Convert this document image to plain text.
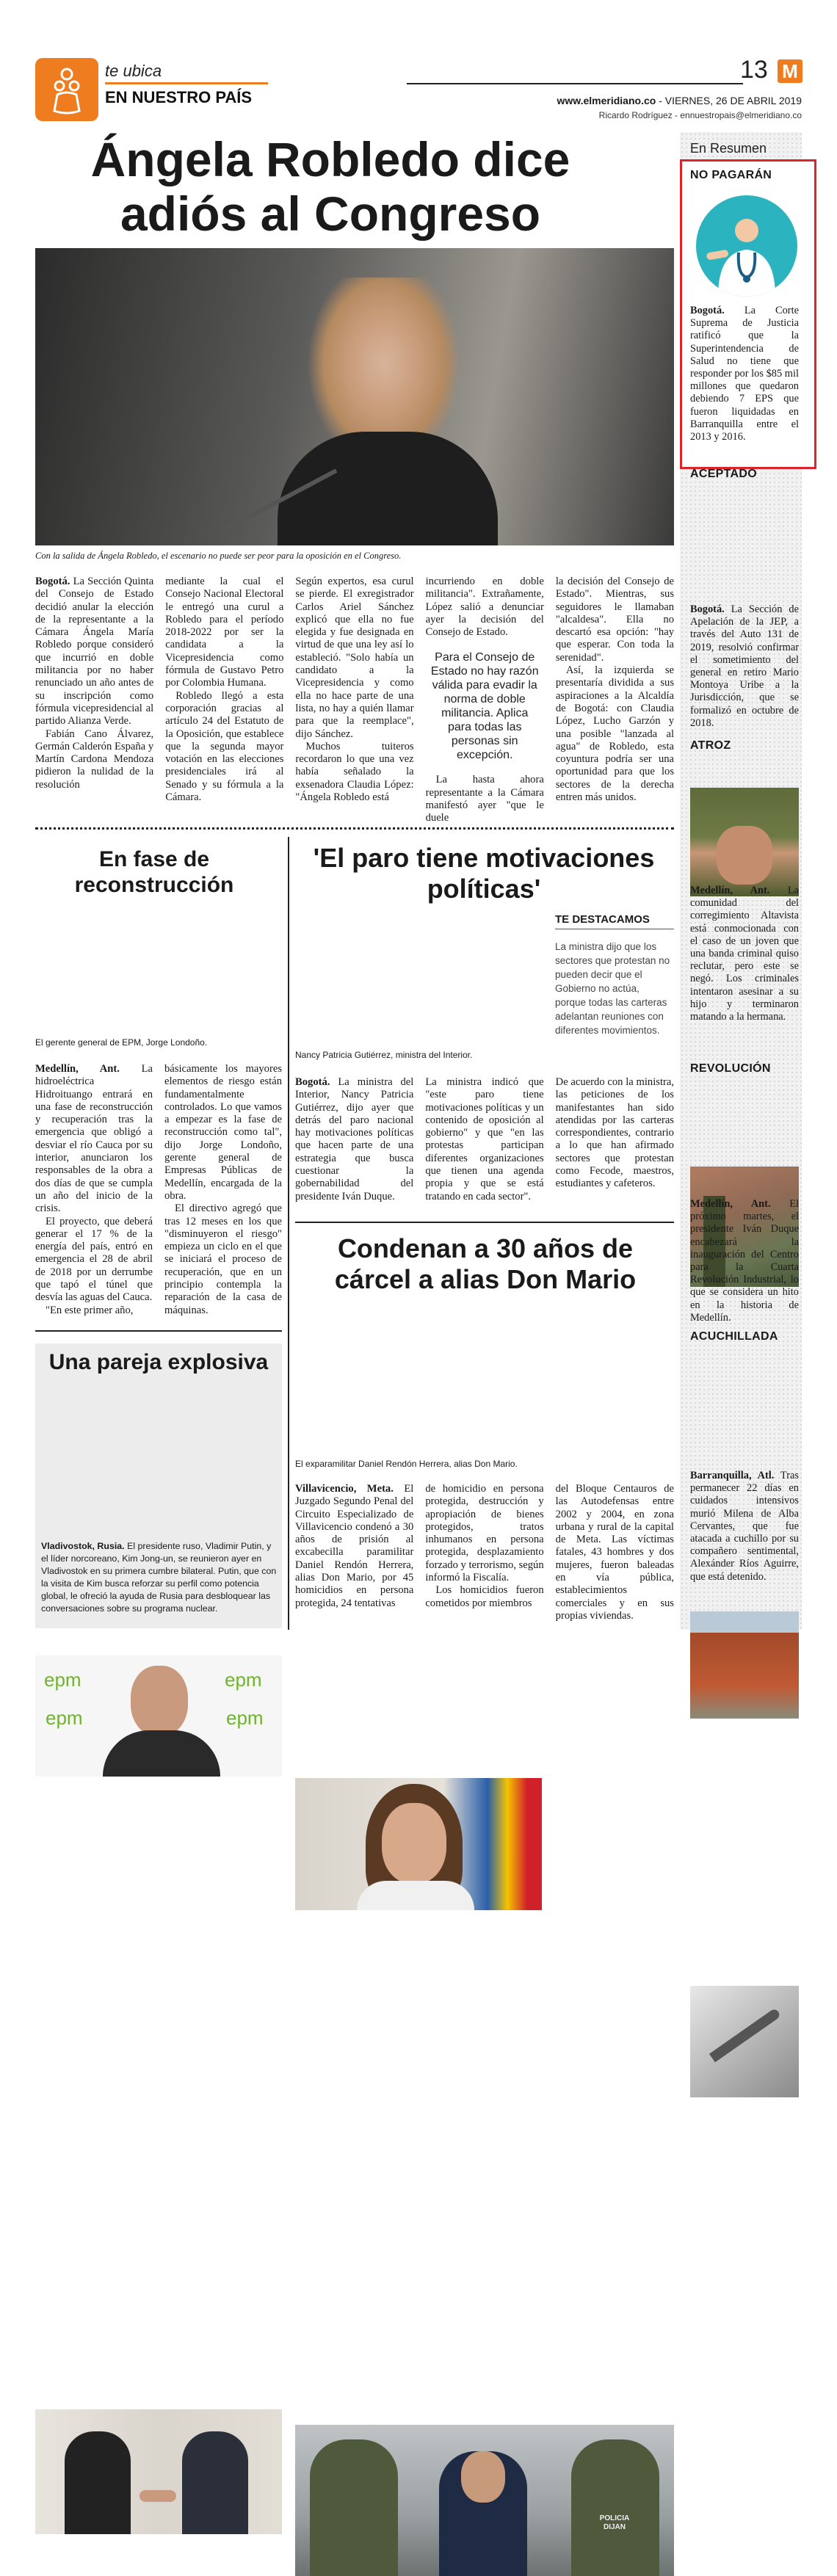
te ubica
EN NUESTRO PAÍS
13 M
www.elmeridiano.co - VIERNES, 26 DE ABRIL 2019
Ricardo Rodríguez - ennuestropais@elmeridiano.co
Ángela Robledo dice adiós al Congreso
Con la salida de Ángela Robledo, el escenario no puede ser peor para la oposición en el Congreso.

Bogotá. La Sección Quinta del Consejo de Estado decidió anular la elección de la representante a la Cámara Ángela María Robledo porque consideró que incurrió en doble militancia por no haber renunciado un año antes de su inscripción como fórmula vicepresidencial al partido Alianza Verde.

Fabián Cano Álvarez, Germán Calderón España y Martín Cardona Mendoza pidieron la nulidad de la resolución

mediante la cual el Consejo Nacional Electoral le entregó una curul a Robledo para el período 2018-2022 por ser la candidata a la Vicepresidencia como fórmula de Gustavo Petro por Colombia Humana.

Robledo llegó a esta corporación gracias al artículo 24 del Estatuto de la Oposición, que establece que la segunda mayor votación en las elecciones presidenciales irá al Senado y su fórmula a la Cámara.

Según expertos, esa curul se pierde. El exregistrador Carlos Ariel Sánchez explicó que ella no fue elegida y fue designada en virtud de que una ley así lo estableció. "Solo había un candidato a la Vicepresidencia y como ella no hace parte de una lista, no hay a quién llamar para que la reemplace", dijo Sánchez.

Muchos tuiteros recordaron lo que una vez había señalado la exsenadora Claudia López: "Ángela Robledo está

incurriendo en doble militancia". Extrañamente, López salió a denunciar ayer la decisión del Consejo de Estado.

Para el Consejo de Estado no hay razón válida para evadir la norma de doble militancia. Aplica para todas las personas sin excepción.

La hasta ahora representante a la Cámara manifestó ayer "que le duele

la decisión del Consejo de Estado". Mientras, sus seguidores le llamaban "alcaldesa". Ella no descartó esa opción: "hay que esperar. Con toda la serenidad".

Así, la izquierda se presentaría dividida a sus aspiraciones a la Alcaldía de Bogotá: con Claudia López, Lucho Garzón y una posible "lanzada al agua" de Robledo, esta coyuntura podría ser una oportunidad para que los sectores de la derecha entren más unidos.

En Resumen
NO PAGARÁN
Bogotá. La Corte Suprema de Justicia ratificó que la Superintendencia de Salud no tiene que responder por los $85 mil millones que quedaron debiendo 7 EPS que fueron liquidadas en Barranquilla entre el 2013 y 2016.
ACEPTADO
Bogotá. La Sección de Apelación de la JEP, a través del Auto 131 de 2019, resolvió confirmar el sometimiento del general en retiro Mario Montoya Uribe a la Jurisdicción, que se formalizó en octubre de 2018.
ATROZ
Medellín, Ant. La comunidad del corregimiento Altavista está conmocionada con el caso de un joven que una banda criminal quiso reclutar, pero este se negó. Los criminales intentaron asesinar a su hijo y terminaron matando a la hermana.
REVOLUCIÓN
Medellín, Ant. El próximo martes, el presidente Iván Duque encabezará la inauguración del Centro para la Cuarta Revolución Industrial, lo que se considera un hito en la historia de Medellín.
ACUCHILLADA
Barranquilla, Atl. Tras permanecer 22 días en cuidados intensivos murió Milena de Alba Cervantes, que fue atacada a cuchillo por su compañero sentimental, Alexánder Ríos Aguirre, que está detenido.
En fase de reconstrucción
epm
epm
epm
epm
El gerente general de EPM, Jorge Londoño.

Medellín, Ant. La hidroeléctrica Hidroituango entrará en una fase de reconstrucción y recuperación tras la emergencia que obligó a desviar el río Cauca por su interior, anunciaron los responsables de la obra a dos días de que se cumpla un año del inicio de la crisis.

El proyecto, que deberá generar el 17 % de la energía del país, entró en emergencia el 28 de abril de 2018 por un derrumbe que tapó el túnel que desvía las aguas del Cauca.

"En este primer año,

básicamente los mayores elementos de riesgo están fundamentalmente controlados. Lo que vamos a empezar es la fase de reconstrucción como tal", dijo Jorge Londoño, gerente general de Empresas Públicas de Medellín, encargada de la obra.

El directivo agregó que tras 12 meses en los que "disminuyeron el riesgo" empieza un ciclo en el que se iniciará el proceso de recuperación, que en un principio contempla la reparación de la casa de máquinas.

'El paro tiene motivaciones políticas'
Nancy Patricia Gutiérrez, ministra del Interior.
TE DESTACAMOS
La ministra dijo que los sectores que protestan no pueden decir que el Gobierno no actúa, porque todas las carteras adelantan reuniones con diferentes movimientos.

Bogotá. La ministra del Interior, Nancy Patricia Gutiérrez, dijo ayer que detrás del paro nacional hay motivaciones políticas que hacen parte de una estrategia que busca cuestionar la gobernabilidad del presidente Iván Duque.

La ministra indicó que "este paro tiene motivaciones políticas y un contenido de oposición al gobierno" y que "en las protestas participan diferentes organizaciones que tienen una agenda propia y que se está tratando en cada sector".

De acuerdo con la ministra, las peticiones de los manifestantes han sido atendidas por las carteras correspondientes, contrario a lo que han afirmado sectores que protestan como Fecode, maestros, estudiantes y cafeteros.

Una pareja explosiva
Vladivostok, Rusia. El presidente ruso, Vladimir Putin, y el líder norcoreano, Kim Jong-un, se reunieron ayer en Vladivostok en su primera cumbre bilateral. Putin, que con la visita de Kim busca reforzar su perfil como potencia global, le ofreció la ayuda de Rusia para desbloquear las conversaciones sobre su programa nuclear.
Condenan a 30 años de cárcel a alias Don Mario
POLICIA DIJAN
El exparamilitar Daniel Rendón Herrera, alias Don Mario.

Villavicencio, Meta. El Juzgado Segundo Penal del Circuito Especializado de Villavicencio condenó a 30 años de prisión al excabecilla paramilitar Daniel Rendón Herrera, alias Don Mario, por 45 homicidios en persona protegida, 24 tentativas

de homicidio en persona protegida, destrucción y apropiación de bienes protegidos, tratos inhumanos en persona protegida, desplazamiento forzado y terrorismo, según informó la Fiscalía.

Los homicidios fueron cometidos por miembros

del Bloque Centauros de las Autodefensas entre 2002 y 2004, en zona urbana y rural de la capital de Meta. Las víctimas fatales, 43 hombres y dos mujeres, fueron baleadas en vía pública, establecimientos comerciales y en sus propias viviendas.
